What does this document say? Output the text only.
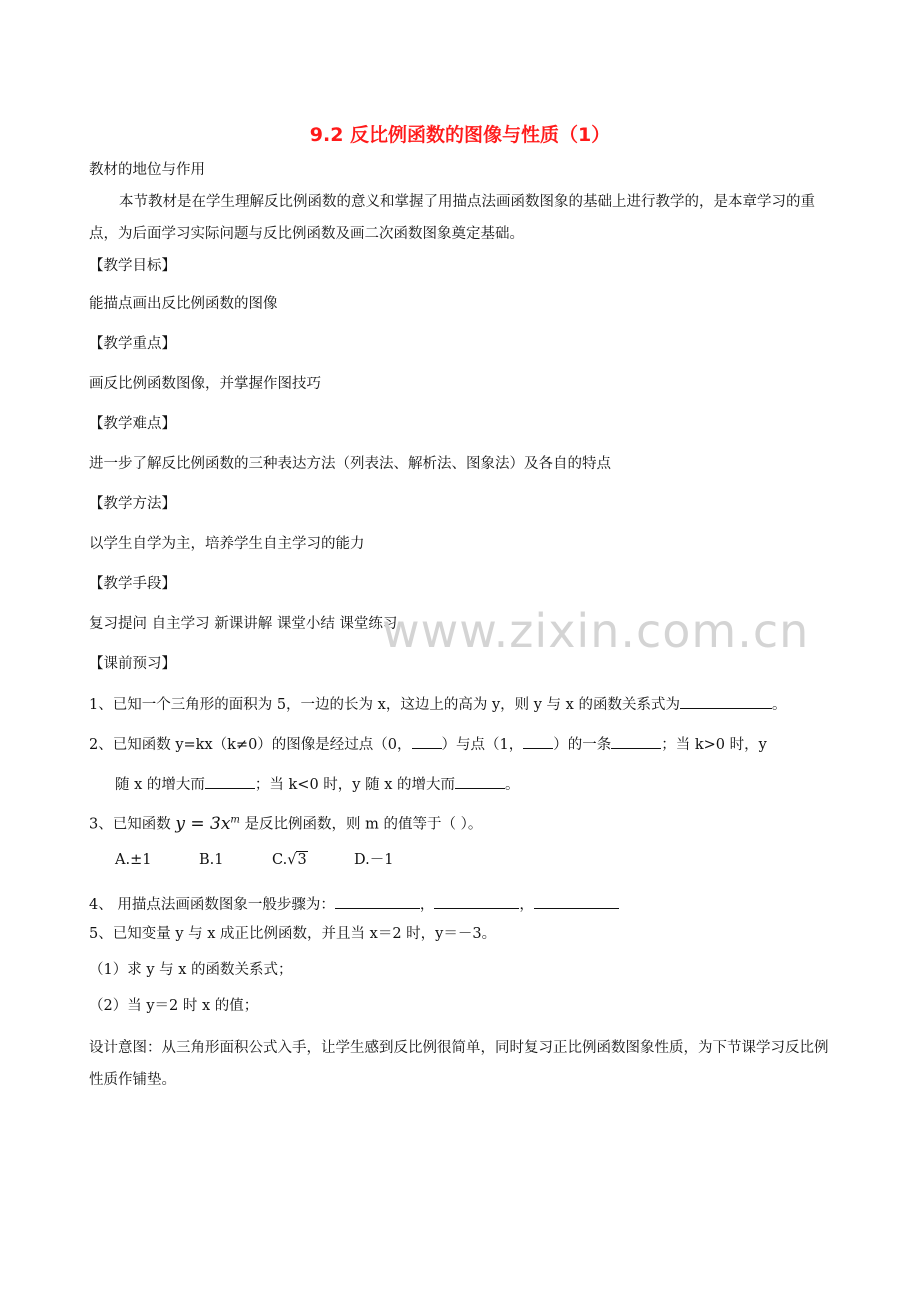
9.2 反比例函数的图像与性质（1）
教材的地位与作用
本节教材是在学生理解反比例函数的意义和掌握了用描点法画函数图象的基础上进行教学的，是本章学习的重点，为后面学习实际问题与反比例函数及画二次函数图象奠定基础。
【教学目标】
能描点画出反比例函数的图像
【教学重点】
画反比例函数图像，并掌握作图技巧
【教学难点】
进一步了解反比例函数的三种表达方法（列表法、解析法、图象法）及各自的特点
【教学方法】
以学生自学为主，培养学生自主学习的能力
【教学手段】
复习提问 自主学习 新课讲解 课堂小结 课堂练习
www.zixin.com.cn
【课前预习】
1、已知一个三角形的面积为 5，一边的长为 x，这边上的高为 y，则 y 与 x 的函数关系式为	。
2、已知函数 y=kx（k≠0）的图像是经过点（0， ）与点（1， ）的一条	；当 k>0 时，y
随 x 的增大而	；当 k<0 时，y 随 x 的增大而	。
3、已知函数 $y = 3x^m$ 是反比例函数，则 m 的值等于（ ）。
A.±1	B.1	C.√3	D.－1
4、 用描点法画函数图象一般步骤为：	，	，
5、已知变量 y 与 x 成正比例函数，并且当 x＝2 时，y＝－3。
（1）求 y 与 x 的函数关系式；
（2）当 y＝2 时 x 的值；
设计意图：从三角形面积公式入手，让学生感到反比例很简单，同时复习正比例函数图象性质，为下节课学习反比例性质作铺垫。
